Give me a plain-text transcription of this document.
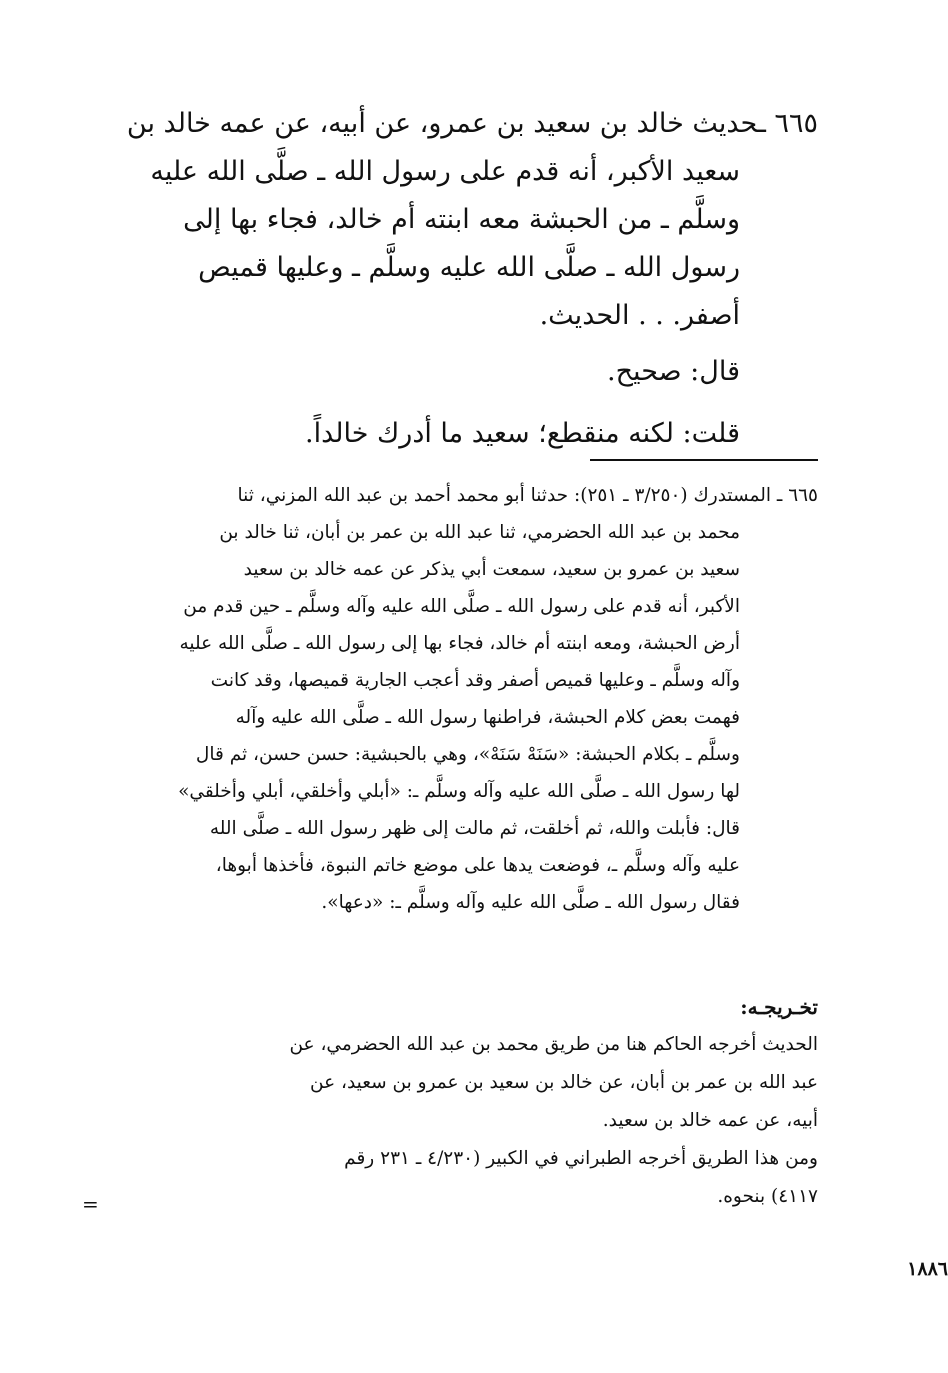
٦٦٥ ـحديث خالد بن سعيد بن عمرو، عن أبيه، عن عمه خالد بن
سعيد الأكبر، أنه قدم على رسول الله ـ صلَّى الله عليه
وسلَّم ـ من الحبشة معه ابنته أم خالد، فجاء بها إلى
رسول الله ـ صلَّى الله عليه وسلَّم ـ وعليها قميص
أصفر. . . الحديث.
قال: صحيح.
قلت: لكنه منقطع؛ سعيد ما أدرك خالداً.
٦٦٥ ـ المستدرك (٣/٢٥٠ ـ ٢٥١): حدثنا أبو محمد أحمد بن عبد الله المزني، ثنا
محمد بن عبد الله الحضرمي، ثنا عبد الله بن عمر بن أبان، ثنا خالد بن
سعيد بن عمرو بن سعيد، سمعت أبي يذكر عن عمه خالد بن سعيد
الأكبر، أنه قدم على رسول الله ـ صلَّى الله عليه وآله وسلَّم ـ حين قدم من
أرض الحبشة، ومعه ابنته أم خالد، فجاء بها إلى رسول الله ـ صلَّى الله عليه
وآله وسلَّم ـ وعليها قميص أصفر وقد أعجب الجارية قميصها، وقد كانت
فهمت بعض كلام الحبشة، فراطنها رسول الله ـ صلَّى الله عليه وآله
وسلَّم ـ بكلام الحبشة: «سَنَهْ سَنَهْ»، وهي بالحبشية: حسن حسن، ثم قال
لها رسول الله ـ صلَّى الله عليه وآله وسلَّم ـ: «أبلي وأخلقي، أبلي وأخلقي»
قال: فأبلت والله، ثم أخلقت، ثم مالت إلى ظهر رسول الله ـ صلَّى الله
عليه وآله وسلَّم ـ، فوضعت يدها على موضع خاتم النبوة، فأخذها أبوها،
فقال رسول الله ـ صلَّى الله عليه وآله وسلَّم ـ: «دعها».
تخـريجـه:
الحديث أخرجه الحاكم هنا من طريق محمد بن عبد الله الحضرمي، عن
عبد الله بن عمر بن أبان، عن خالد بن سعيد بن عمرو بن سعيد، عن
أبيه، عن عمه خالد بن سعيد.
ومن هذا الطريق أخرجه الطبراني في الكبير (٤/٢٣٠ ـ ٢٣١ رقم
٤١١٧) بنحوه.
=
١٨٨٦
